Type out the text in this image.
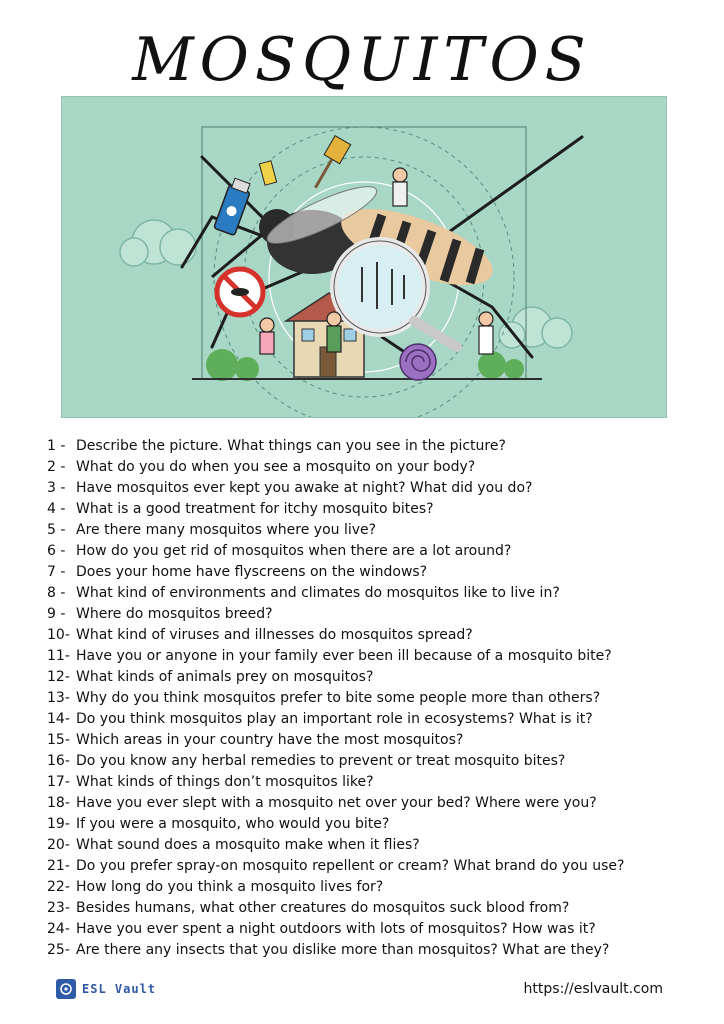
MOSQUITOS
1 - Describe the picture. What things can you see in the picture?
2 - What do you do when you see a mosquito on your body?
3 - Have mosquitos ever kept you awake at night? What did you do?
4 - What is a good treatment for itchy mosquito bites?
5 - Are there many mosquitos where you live?
6 - How do you get rid of mosquitos when there are a lot around?
7 - Does your home have flyscreens on the windows?
8 - What kind of environments and climates do mosquitos like to live in?
9 - Where do mosquitos breed?
10- What kind of viruses and illnesses do mosquitos spread?
11- Have you or anyone in your family ever been ill because of a mosquito bite?
12- What kinds of animals prey on mosquitos?
13- Why do you think mosquitos prefer to bite some people more than others?
14- Do you think mosquitos play an important role in ecosystems? What is it?
15- Which areas in your country have the most mosquitos?
16- Do you know any herbal remedies to prevent or treat mosquito bites?
17- What kinds of things don’t mosquitos like?
18- Have you ever slept with a mosquito net over your bed? Where were you?
19- If you were a mosquito, who would you bite?
20- What sound does a mosquito make when it flies?
21- Do you prefer spray-on mosquito repellent or cream? What brand do you use?
22- How long do you think a mosquito lives for?
23- Besides humans, what other creatures do mosquitos suck blood from?
24- Have you ever spent a night outdoors with lots of mosquitos? How was it?
25- Are there any insects that you dislike more than mosquitos? What are they?
ESL Vault	https://eslvault.com
